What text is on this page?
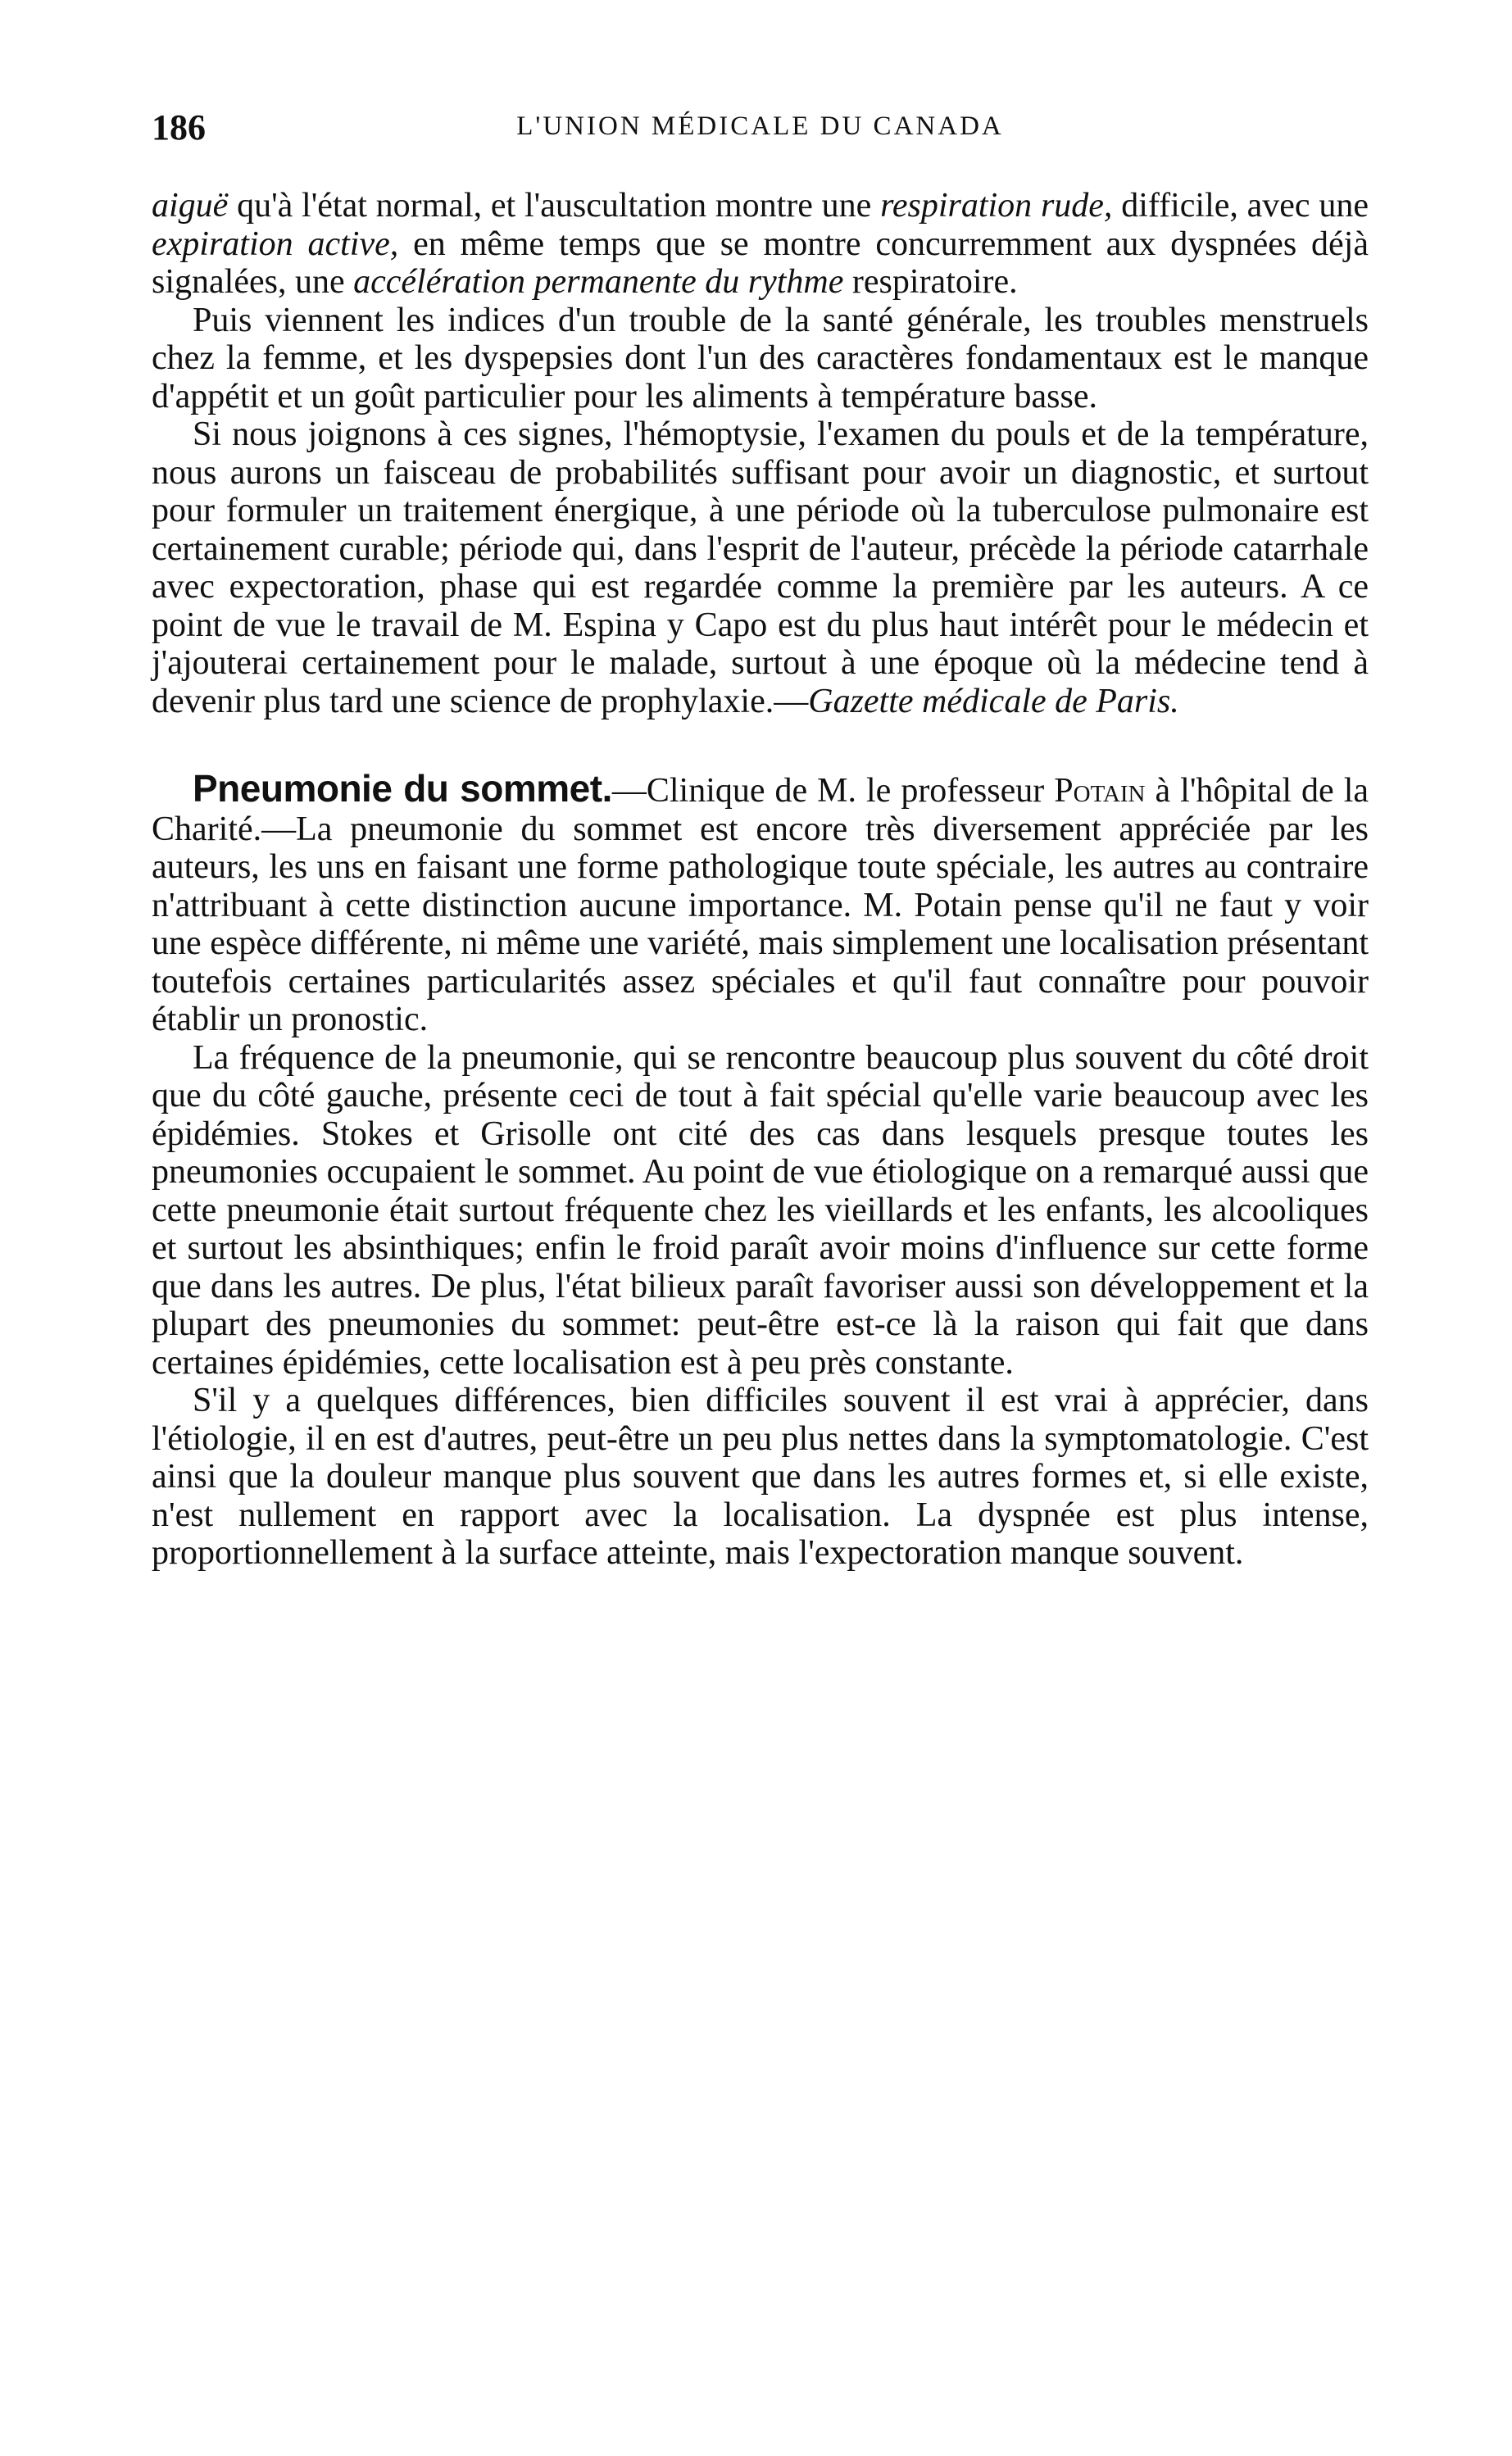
186	L'UNION MÉDICALE DU CANADA

aiguë qu'à l'état normal, et l'auscultation montre une respiration rude, difficile, avec une expiration active, en même temps que se montre concurremment aux dyspnées déjà signalées, une accélération permanente du rythme respiratoire.

Puis viennent les indices d'un trouble de la santé générale, les troubles menstruels chez la femme, et les dyspepsies dont l'un des caractères fondamentaux est le manque d'appétit et un goût particulier pour les aliments à température basse.

Si nous joignons à ces signes, l'hémoptysie, l'examen du pouls et de la température, nous aurons un faisceau de probabilités suffisant pour avoir un diagnostic, et surtout pour formuler un traitement énergique, à une période où la tuberculose pulmonaire est certainement curable; période qui, dans l'esprit de l'auteur, précède la période catarrhale avec expectoration, phase qui est regardée comme la première par les auteurs. A ce point de vue le travail de M. Espina y Capo est du plus haut intérêt pour le médecin et j'ajouterai certainement pour le malade, surtout à une époque où la médecine tend à devenir plus tard une science de prophylaxie.—Gazette médicale de Paris.

Pneumonie du sommet.—Clinique de M. le professeur Potain à l'hôpital de la Charité.—La pneumonie du sommet est encore très diversement appréciée par les auteurs, les uns en faisant une forme pathologique toute spéciale, les autres au contraire n'attribuant à cette distinction aucune importance. M. Potain pense qu'il ne faut y voir une espèce différente, ni même une variété, mais simplement une localisation présentant toutefois certaines particularités assez spéciales et qu'il faut connaître pour pouvoir établir un pronostic.

La fréquence de la pneumonie, qui se rencontre beaucoup plus souvent du côté droit que du côté gauche, présente ceci de tout à fait spécial qu'elle varie beaucoup avec les épidémies. Stokes et Grisolle ont cité des cas dans lesquels presque toutes les pneumonies occupaient le sommet. Au point de vue étiologique on a remarqué aussi que cette pneumonie était surtout fréquente chez les vieillards et les enfants, les alcooliques et surtout les absinthiques; enfin le froid paraît avoir moins d'influence sur cette forme que dans les autres. De plus, l'état bilieux paraît favoriser aussi son développement et la plupart des pneumonies du sommet: peut-être est-ce là la raison qui fait que dans certaines épidémies, cette localisation est à peu près constante.

S'il y a quelques différences, bien difficiles souvent il est vrai à apprécier, dans l'étiologie, il en est d'autres, peut-être un peu plus nettes dans la symptomatologie. C'est ainsi que la douleur manque plus souvent que dans les autres formes et, si elle existe, n'est nullement en rapport avec la localisation. La dyspnée est plus intense, proportionnellement à la surface atteinte, mais l'expectoration manque souvent.
